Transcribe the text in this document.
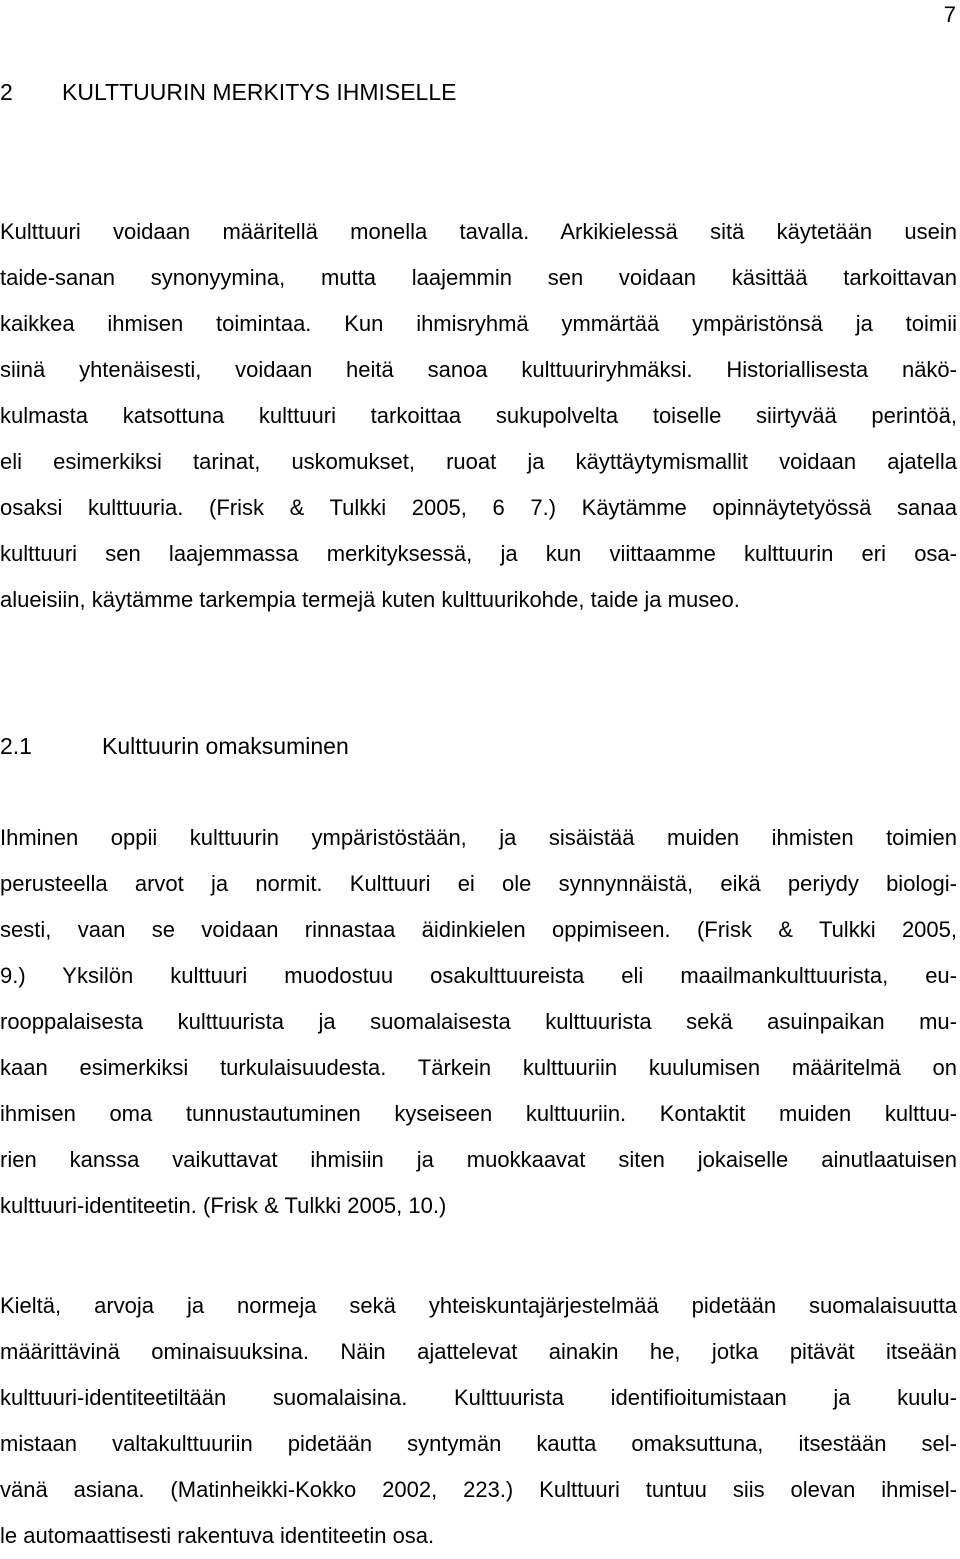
7
2 KULTTUURIN MERKITYS IHMISELLE
Kulttuuri voidaan määritellä monella tavalla. Arkikielessä sitä käytetään usein
taide-sanan synonyymina, mutta laajemmin sen voidaan käsittää tarkoittavan
kaikkea ihmisen toimintaa. Kun ihmisryhmä ymmärtää ympäristönsä ja toimii
siinä yhtenäisesti, voidaan heitä sanoa kulttuuriryhmäksi. Historiallisesta näkö-
kulmasta katsottuna kulttuuri tarkoittaa sukupolvelta toiselle siirtyvää perintöä,
eli esimerkiksi tarinat, uskomukset, ruoat ja käyttäytymismallit voidaan ajatella
osaksi kulttuuria. (Frisk & Tulkki 2005, 6 7.) Käytämme opinnäytetyössä sanaa
kulttuuri sen laajemmassa merkityksessä, ja kun viittaamme kulttuurin eri osa-
alueisiin, käytämme tarkempia termejä kuten kulttuurikohde, taide ja museo.
2.1	Kulttuurin omaksuminen
Ihminen oppii kulttuurin ympäristöstään, ja sisäistää muiden ihmisten toimien
perusteella arvot ja normit. Kulttuuri ei ole synnynnäistä, eikä periydy biologi-
sesti, vaan se voidaan rinnastaa äidinkielen oppimiseen. (Frisk & Tulkki 2005,
9.) Yksilön kulttuuri muodostuu osakulttuureista eli maailmankulttuurista, eu-
rooppalaisesta kulttuurista ja suomalaisesta kulttuurista sekä asuinpaikan mu-
kaan esimerkiksi turkulaisuudesta. Tärkein kulttuuriin kuulumisen määritelmä on
ihmisen oma tunnustautuminen kyseiseen kulttuuriin. Kontaktit muiden kulttuu-
rien kanssa vaikuttavat ihmisiin ja muokkaavat siten jokaiselle ainutlaatuisen
kulttuuri-identiteetin. (Frisk & Tulkki 2005, 10.)
Kieltä, arvoja ja normeja sekä yhteiskuntajärjestelmää pidetään suomalaisuutta
määrittävinä ominaisuuksina. Näin ajattelevat ainakin he, jotka pitävät itseään
kulttuuri-identiteetiltään suomalaisina. Kulttuurista identifioitumistaan ja kuulu-
mistaan valtakulttuuriin pidetään syntymän kautta omaksuttuna, itsestään sel-
vänä asiana. (Matinheikki-Kokko 2002, 223.) Kulttuuri tuntuu siis olevan ihmisel-
le automaattisesti rakentuva identiteetin osa.
